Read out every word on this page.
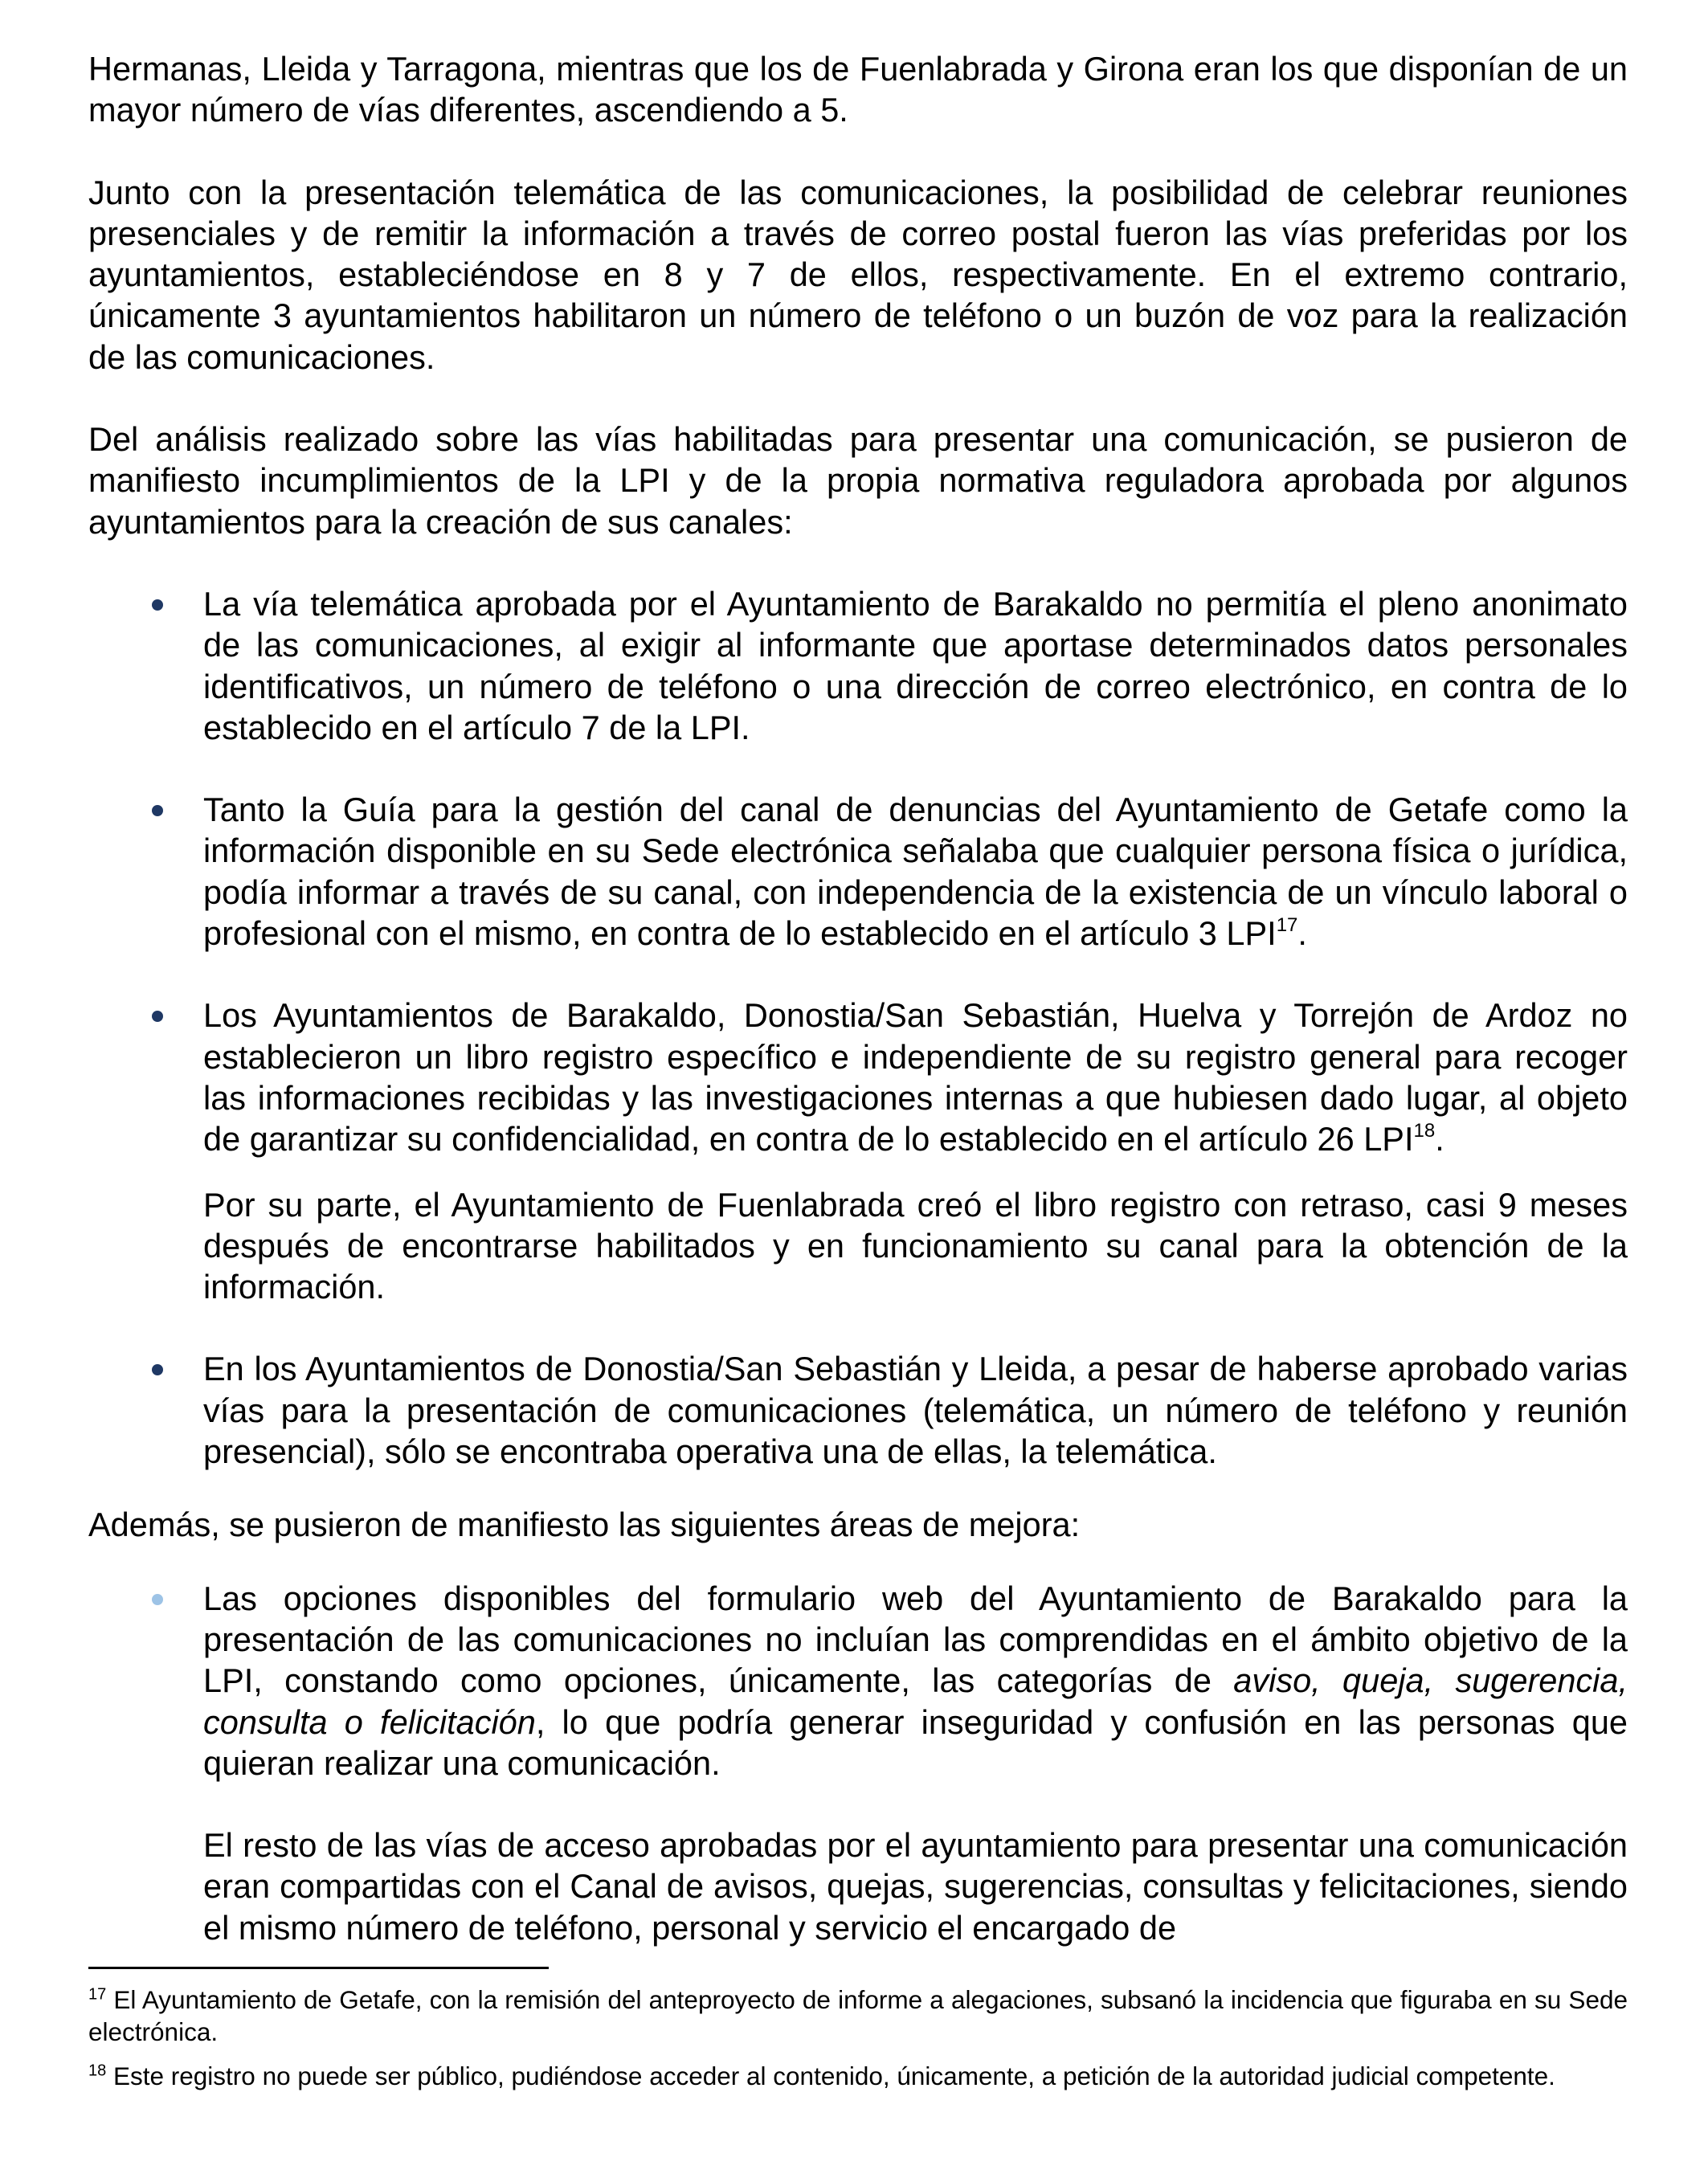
Hermanas, Lleida y Tarragona, mientras que los de Fuenlabrada y Girona eran los que disponían de un mayor número de vías diferentes, ascendiendo a 5.

Junto con la presentación telemática de las comunicaciones, la posibilidad de celebrar reuniones presenciales y de remitir la información a través de correo postal fueron las vías preferidas por los ayuntamientos, estableciéndose en 8 y 7 de ellos, respectivamente. En el extremo contrario, únicamente 3 ayuntamientos habilitaron un número de teléfono o un buzón de voz para la realización de las comunicaciones.

Del análisis realizado sobre las vías habilitadas para presentar una comunicación, se pusieron de manifiesto incumplimientos de la LPI y de la propia normativa reguladora aprobada por algunos ayuntamientos para la creación de sus canales:

La vía telemática aprobada por el Ayuntamiento de Barakaldo no permitía el pleno anonimato de las comunicaciones, al exigir al informante que aportase determinados datos personales identificativos, un número de teléfono o una dirección de correo electrónico, en contra de lo establecido en el artículo 7 de la LPI.

Tanto la Guía para la gestión del canal de denuncias del Ayuntamiento de Getafe como la información disponible en su Sede electrónica señalaba que cualquier persona física o jurídica, podía informar a través de su canal, con independencia de la existencia de un vínculo laboral o profesional con el mismo, en contra de lo establecido en el artículo 3 LPI$^{17}$.

Los Ayuntamientos de Barakaldo, Donostia/San Sebastián, Huelva y Torrejón de Ardoz no establecieron un libro registro específico e independiente de su registro general para recoger las informaciones recibidas y las investigaciones internas a que hubiesen dado lugar, al objeto de garantizar su confidencialidad, en contra de lo establecido en el artículo 26 LPI$^{18}$.

Por su parte, el Ayuntamiento de Fuenlabrada creó el libro registro con retraso, casi 9 meses después de encontrarse habilitados y en funcionamiento su canal para la obtención de la información.

En los Ayuntamientos de Donostia/San Sebastián y Lleida, a pesar de haberse aprobado varias vías para la presentación de comunicaciones (telemática, un número de teléfono y reunión presencial), sólo se encontraba operativa una de ellas, la telemática.

Además, se pusieron de manifiesto las siguientes áreas de mejora:

Las opciones disponibles del formulario web del Ayuntamiento de Barakaldo para la presentación de las comunicaciones no incluían las comprendidas en el ámbito objetivo de la LPI, constando como opciones, únicamente, las categorías de aviso, queja, sugerencia, consulta o felicitación, lo que podría generar inseguridad y confusión en las personas que quieran realizar una comunicación.

El resto de las vías de acceso aprobadas por el ayuntamiento para presentar una comunicación eran compartidas con el Canal de avisos, quejas, sugerencias, consultas y felicitaciones, siendo el mismo número de teléfono, personal y servicio el encargado de

$^{17}$ El Ayuntamiento de Getafe, con la remisión del anteproyecto de informe a alegaciones, subsanó la incidencia que figuraba en su Sede electrónica.

$^{18}$ Este registro no puede ser público, pudiéndose acceder al contenido, únicamente, a petición de la autoridad judicial competente.
